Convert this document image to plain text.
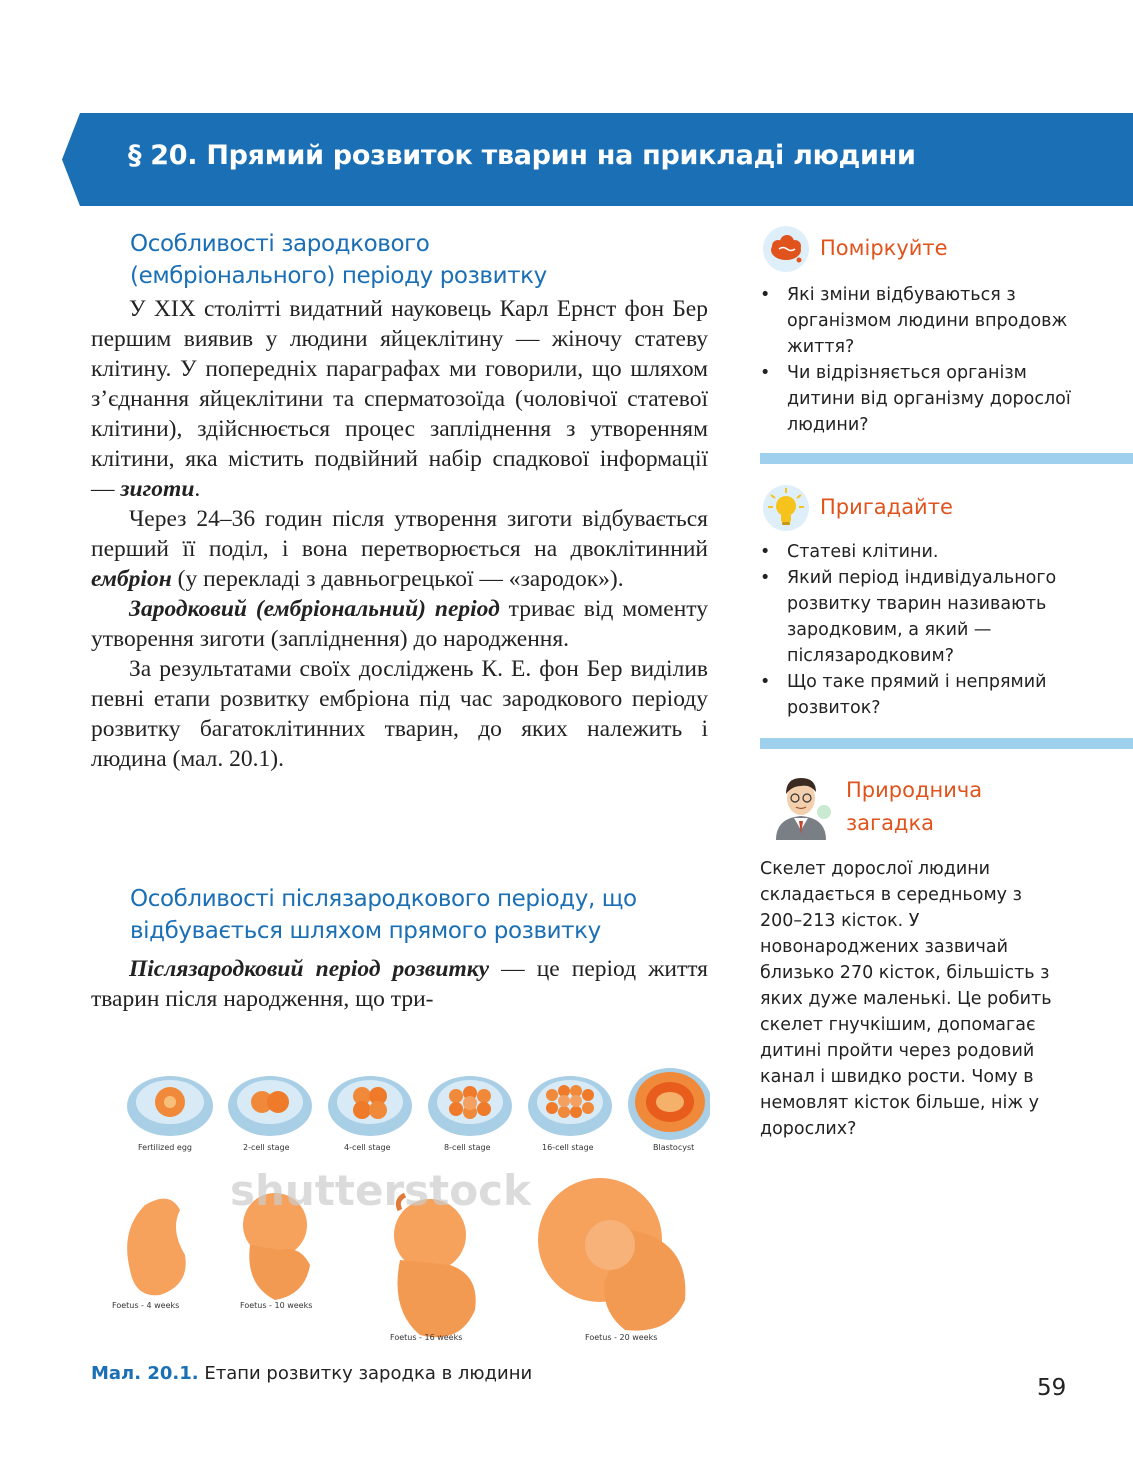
§ 20. Прямий розвиток тварин на прикладі людини
Особливості зародкового
(ембріонального) періоду розвитку

У XIX столітті видатний науковець Карл Ернст фон Бер першим виявив у людини яйцеклітину — жіночу статеву клітину. У попередніх параграфах ми говорили, що шляхом з’єднання яйцеклітини та сперматозоїда (чоловічої статевої клітини), здійснюється процес запліднення з утворенням клітини, яка містить подвійний набір спадкової інформації — зиготи.

Через 24–36 годин після утворення зиготи відбувається перший її поділ, і вона перетворюється на двоклітинний ембріон (у перекладі з давньогрецької — «зародок»).

Зародковий (ембріональний) період триває від моменту утворення зиготи (запліднення) до народження.

За результатами своїх досліджень К. Е. фон Бер виділив певні етапи розвитку ембріона під час зародкового періоду розвитку багатоклітинних тварин, до яких належить і людина (мал. 20.1).

Особливості післязародкового періоду, що
відбувається шляхом прямого розвитку

Післязародковий період розвитку — це період життя тварин після народження, що три-

Поміркуйте
• Які зміни відбуваються з організмом людини впродовж життя?
• Чи відрізняється організм дитини від організму дорослої людини?
Пригадайте
• Статеві клітини.
• Який період індивідуального розвитку тварин називають зародковим, а який — післязародковим?
• Що таке прямий і непрямий розвиток?
Природнича
загадка
Скелет дорослої людини складається в середньому з 200–213 кісток. У новонароджених зазвичай близько 270 кісток, більшість з яких дуже маленькі. Це робить скелет гнучкішим, допомагає дитині пройти через родовий канал і швидко рости. Чому в немовлят кісток більше, ніж у дорослих?
Fertilized egg	2-cell stage	4-cell stage	8-cell stage	16-cell stage	Blastocyst
shutterstock
Foetus - 4 weeks	Foetus - 10 weeks
Foetus - 16 weeks	Foetus - 20 weeks
Мал. 20.1. Етапи розвитку зародка в людини
59
